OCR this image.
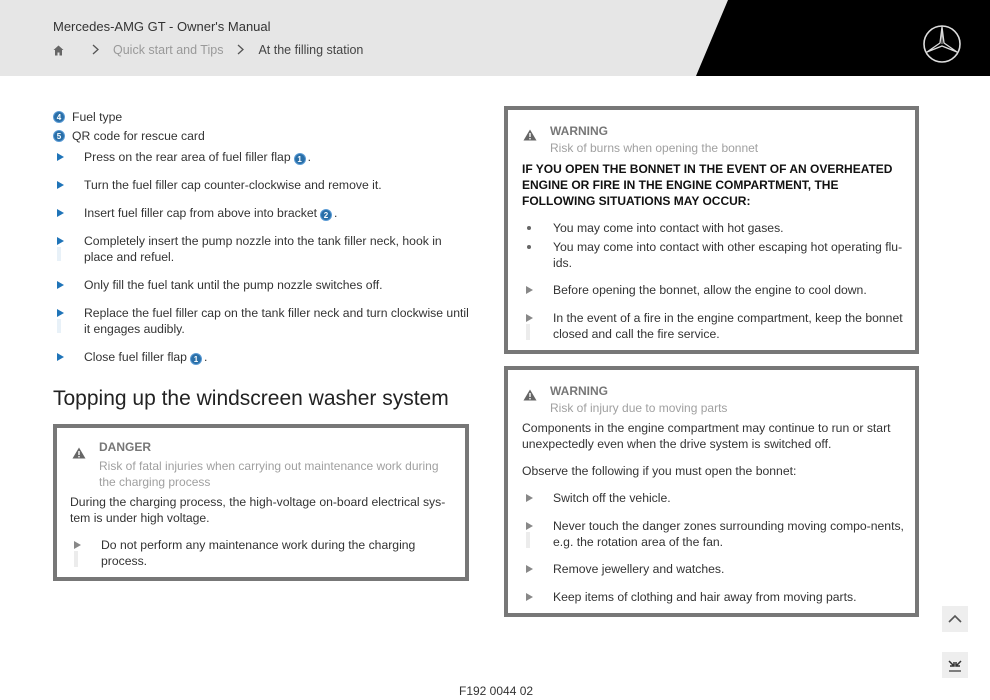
Mercedes-AMG GT - Owner's Manual
Quick start and Tips	At the filling station
4 Fuel type
5 QR code for rescue card
Press on the rear area of fuel filler flap 1 .
Turn the fuel filler cap counter-clockwise and remove it.
Insert fuel filler cap from above into bracket 2 .
Completely insert the pump nozzle into the tank filler neck, hook in place and refuel.
Only fill the fuel tank until the pump nozzle switches off.
Replace the fuel filler cap on the tank filler neck and turn clockwise until it engages audibly.
Close fuel filler flap 1 .
Topping up the windscreen washer system
DANGER
Risk of fatal injuries when carrying out maintenance work during the charging process
During the charging process, the high-voltage on-board electrical sys-tem is under high voltage.
Do not perform any maintenance work during the charging process.
WARNING
Risk of burns when opening the bonnet
IF YOU OPEN THE BONNET IN THE EVENT OF AN OVERHEATED ENGINE OR FIRE IN THE ENGINE COMPARTMENT, THE FOLLOWING SITUATIONS MAY OCCUR:
You may come into contact with hot gases.
You may come into contact with other escaping hot operating flu-ids.
Before opening the bonnet, allow the engine to cool down.
In the event of a fire in the engine compartment, keep the bonnet closed and call the fire service.
WARNING
Risk of injury due to moving parts
Components in the engine compartment may continue to run or start unexpectedly even when the drive system is switched off.
Observe the following if you must open the bonnet:
Switch off the vehicle.
Never touch the danger zones surrounding moving compo-nents, e.g. the rotation area of the fan.
Remove jewellery and watches.
Keep items of clothing and hair away from moving parts.
F192 0044 02
